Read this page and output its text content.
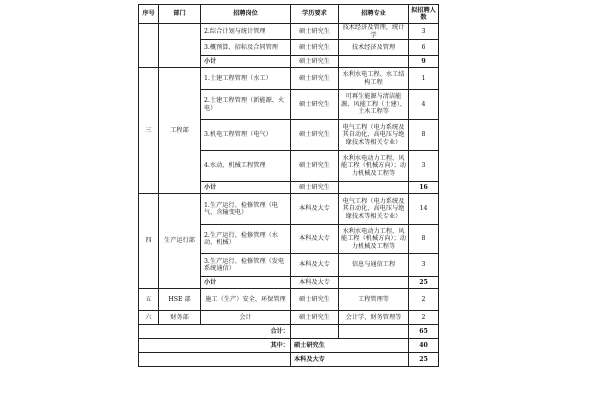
序号	部门	招聘岗位	学历要求	招聘专业	拟招聘人数
		2.综合计划与统计管理	硕士研究生	技术经济及管理，统计学	3
		3.概预算、招标及合同管理	硕士研究生	技术经济及管理	6
		小计	硕士研究生		9
三	工程部	1.土建工程管理（水工）	硕士研究生	水利水电工程、水工结构工程	1
		2.土建工程管理（新能源、火电）	硕士研究生	可再生能源与清洁能源、风能工程（土建）、土木工程等	4
		3.机电工程管理（电气）	硕士研究生	电气工程（电力系统及其自动化、高电压与绝缘技术等相关专业）	8
		4.水动、机械工程管理	硕士研究生	水利水电动力工程、风能工程（机械方向）；动力机械及工程等	3
		小计	硕士研究生		16
四	生产运行部	1.生产运行、检修管理（电气、含输变电）	本科及大专	电气工程（电力系统及其自动化、高电压与绝缘技术等相关专业）	14
		2.生产运行、检修管理（水动、机械）	本科及大专	水利水电动力工程、风能工程（机械方向）；动力机械及工程等	8
		3.生产运行、检修管理（发电系统通信）	本科及大专	信息与通信工程	3
		小计	本科及大专		25
五	HSE 部	施工（生产）安全、环保管理	硕士研究生	工程管理等	2
六	财务部	会计	硕士研究生	会计学、财务管理等	2
合计：					65
其中：			硕士研究生		40
			本科及大专		25
